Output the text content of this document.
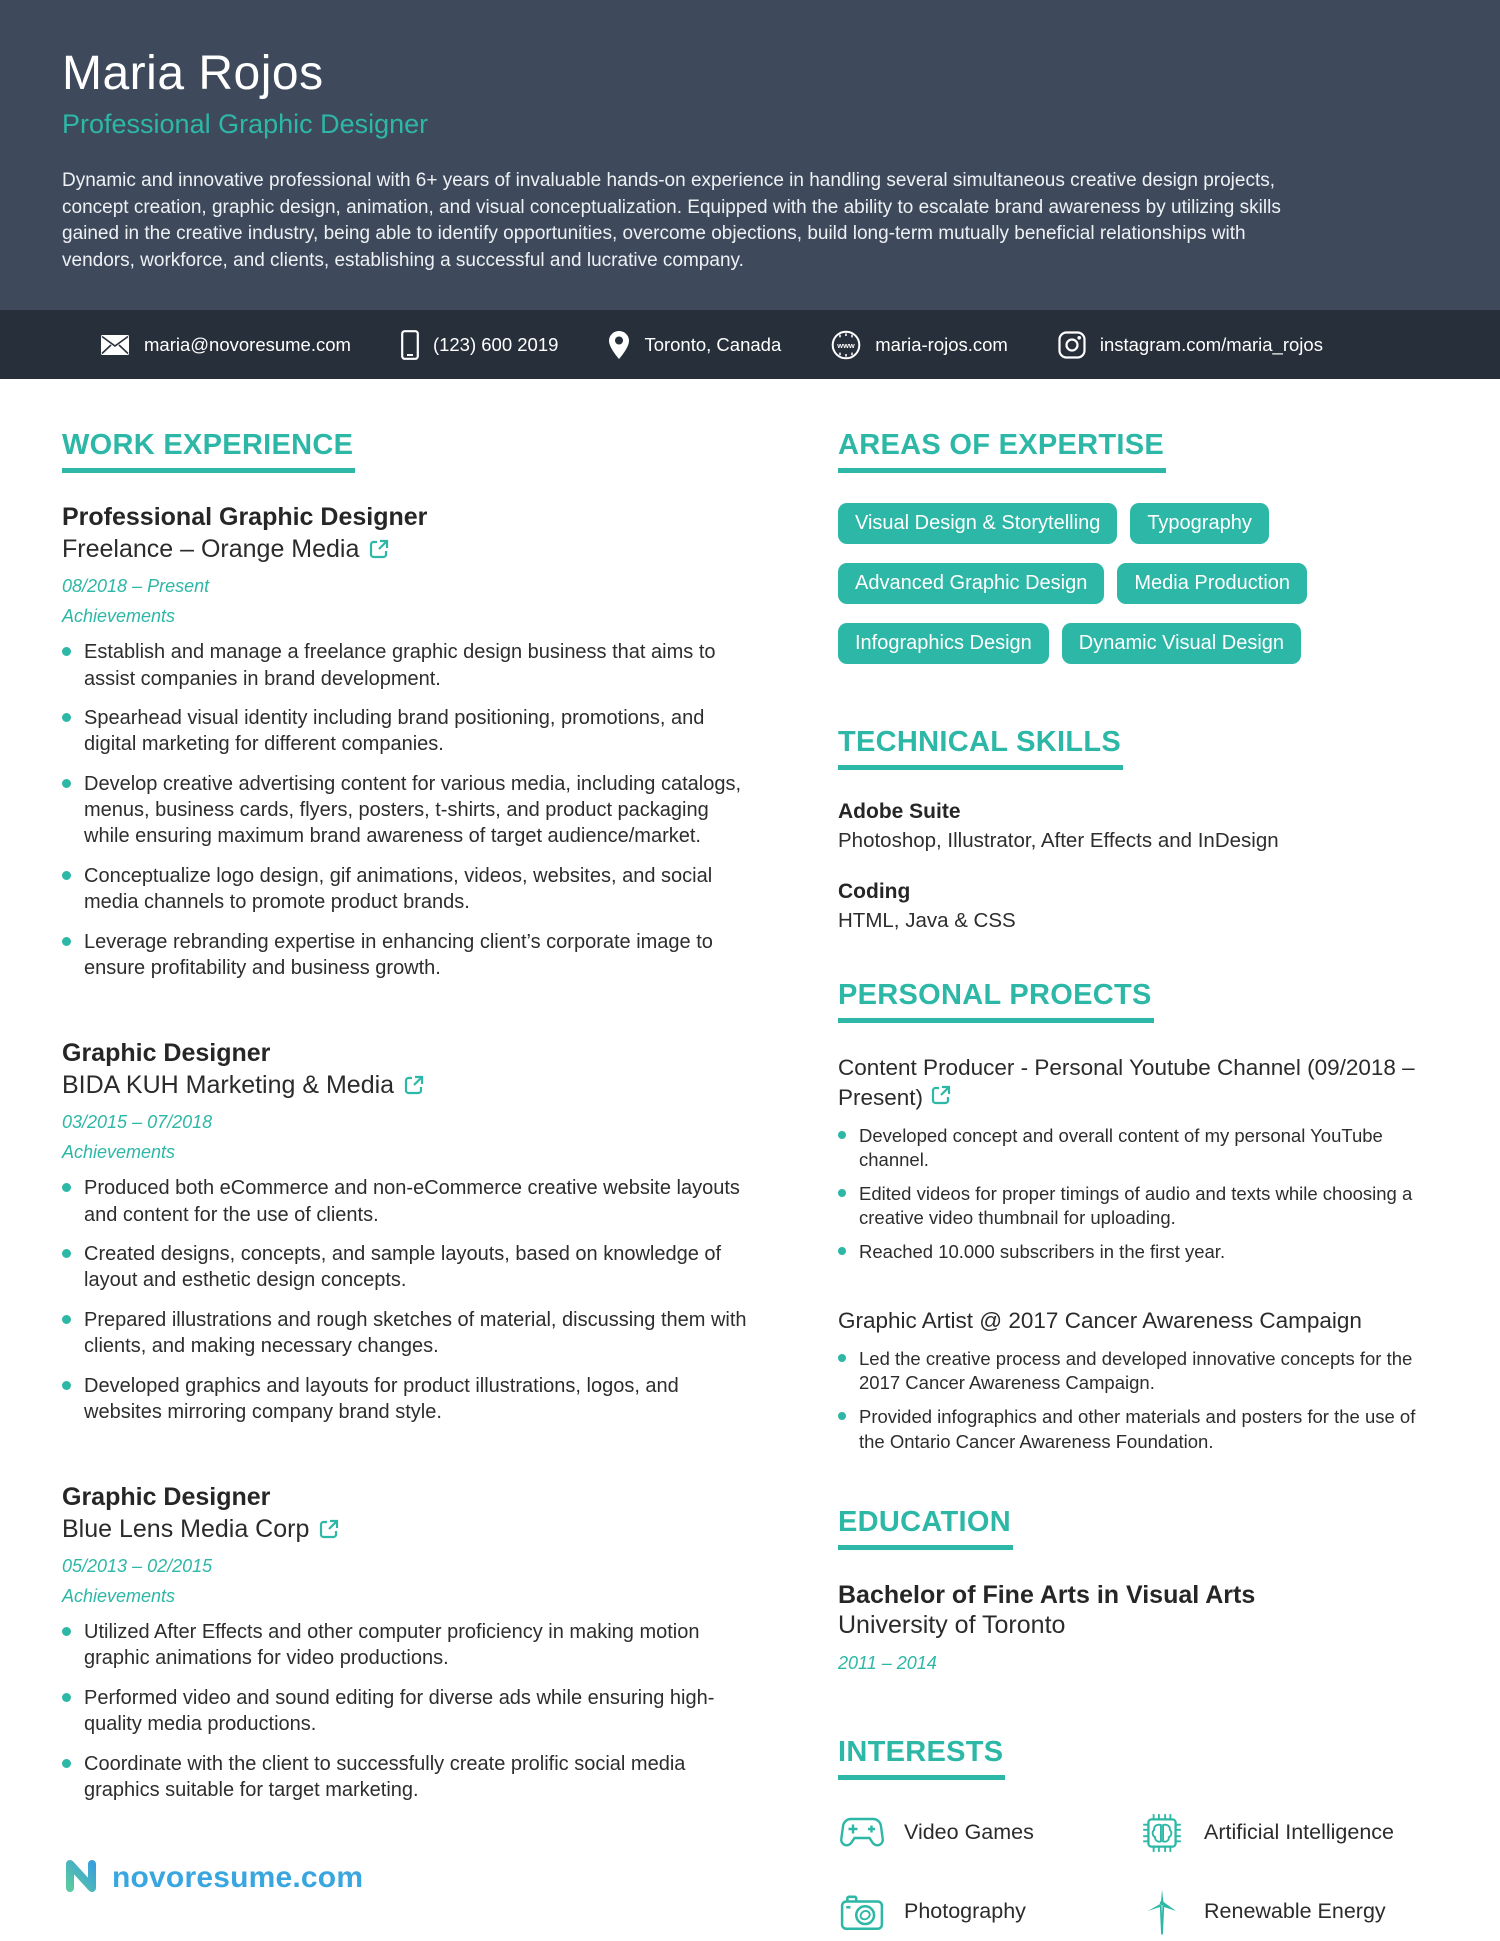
Maria Rojos
Professional Graphic Designer

Dynamic and innovative professional with 6+ years of invaluable hands-on experience in handling several simultaneous creative design projects, concept creation, graphic design, animation, and visual conceptualization. Equipped with the ability to escalate brand awareness by utilizing skills gained in the creative industry, being able to identify opportunities, overcome objections, build long-term mutually beneficial relationships with vendors, workforce, and clients, establishing a successful and lucrative company.

maria@novoresume.com	(123) 600 2019	Toronto, Canada	www maria-rojos.com	instagram.com/maria_rojos
WORK EXPERIENCE
Professional Graphic Designer
Freelance – Orange Media
08/2018 – Present
Achievements
Establish and manage a freelance graphic design business that aims to assist companies in brand development.
Spearhead visual identity including brand positioning, promotions, and digital marketing for different companies.
Develop creative advertising content for various media, including catalogs, menus, business cards, flyers, posters, t-shirts, and product packaging while ensuring maximum brand awareness of target audience/market.
Conceptualize logo design, gif animations, videos, websites, and social media channels to promote product brands.
Leverage rebranding expertise in enhancing client’s corporate image to ensure profitability and business growth.
Graphic Designer
BIDA KUH Marketing & Media
03/2015 – 07/2018
Achievements
Produced both eCommerce and non-eCommerce creative website layouts and content for the use of clients.
Created designs, concepts, and sample layouts, based on knowledge of layout and esthetic design concepts.
Prepared illustrations and rough sketches of material, discussing them with clients, and making necessary changes.
Developed graphics and layouts for product illustrations, logos, and websites mirroring company brand style.
Graphic Designer
Blue Lens Media Corp
05/2013 – 02/2015
Achievements
Utilized After Effects and other computer proficiency in making motion graphic animations for video productions.
Performed video and sound editing for diverse ads while ensuring high-quality media productions.
Coordinate with the client to successfully create prolific social media graphics suitable for target marketing.
AREAS OF EXPERTISE
Visual Design & Storytelling	Typography
Advanced Graphic Design	Media Production
Infographics Design	Dynamic Visual Design
TECHNICAL SKILLS
Adobe Suite
Photoshop, Illustrator, After Effects and InDesign
Coding
HTML, Java & CSS
PERSONAL PROECTS
Content Producer - Personal Youtube Channel (09/2018 – Present)
Developed concept and overall content of my personal YouTube channel.
Edited videos for proper timings of audio and texts while choosing a creative video thumbnail for uploading.
Reached 10.000 subscribers in the first year.
Graphic Artist @ 2017 Cancer Awareness Campaign
Led the creative process and developed innovative concepts for the 2017 Cancer Awareness Campaign.
Provided infographics and other materials and posters for the use of the Ontario Cancer Awareness Foundation.
EDUCATION
Bachelor of Fine Arts in Visual Arts
University of Toronto
2011 – 2014
INTERESTS
Video Games	Artificial Intelligence
Photography	Renewable Energy
novoresume.com
